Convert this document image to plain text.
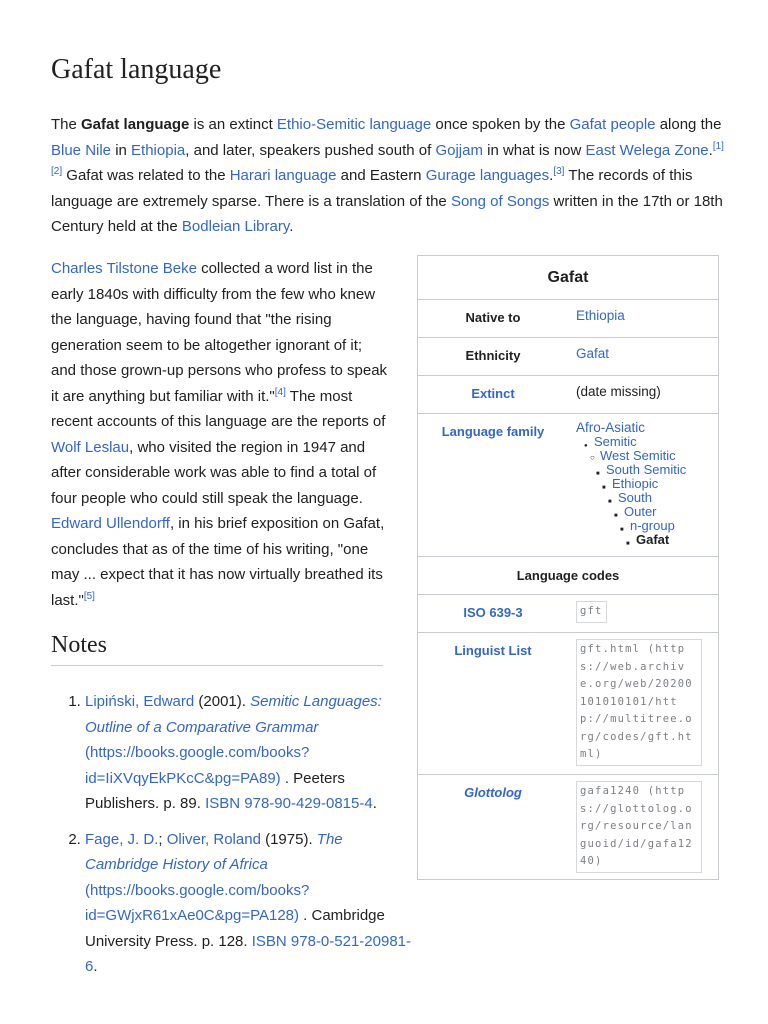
Gafat language

The Gafat language is an extinct Ethio-Semitic language once spoken by the Gafat people along the Blue Nile in Ethiopia, and later, speakers pushed south of Gojjam in what is now East Welega Zone.[1][2] Gafat was related to the Harari language and Eastern Gurage languages.[3] The records of this language are extremely sparse. There is a translation of the Song of Songs written in the 17th or 18th Century held at the Bodleian Library.

Charles Tilstone Beke collected a word list in the early 1840s with difficulty from the few who knew the language, having found that "the rising generation seem to be altogether ignorant of it; and those grown-up persons who profess to speak it are anything but familiar with it."[4] The most recent accounts of this language are the reports of Wolf Leslau, who visited the region in 1947 and after considerable work was able to find a total of four people who could still speak the language. Edward Ullendorff, in his brief exposition on Gafat, concludes that as of the time of his writing, "one may ... expect that it has now virtually breathed its last."[5]

Notes
1. Lipiński, Edward (2001). Semitic Languages: Outline of a Comparative Grammar (https://books.google.com/books?id=IiXVqyEkPKcC&pg=PA89) . Peeters Publishers. p. 89. ISBN 978-90-429-0815-4.
2. Fage, J. D.; Oliver, Roland (1975). The Cambridge History of Africa (https://books.google.com/books?id=GWjxR61xAe0C&pg=PA128) . Cambridge University Press. p. 128. ISBN 978-0-521-20981-6.
Gafat
Native to	Ethiopia
Ethnicity	Gafat
Extinct	(date missing)
Language family	Afro-Asiatic
● Semitic
○ West Semitic
■ South Semitic
■ Ethiopic
■ South
■ Outer
■ n-group
■ Gafat
Language codes
ISO 639-3	gft
Linguist List	gft.html (https://web.archive.org/web/20200101010101/http://multitree.org/codes/gft.html)
Glottolog	gafa1240 (https://glottolog.org/resource/languoid/id/gafa1240)
